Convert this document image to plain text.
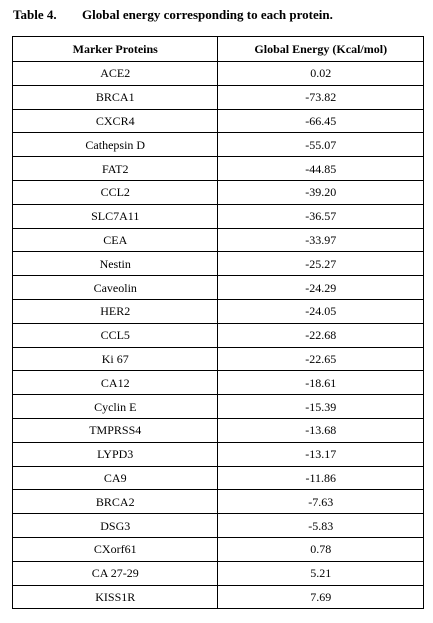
Table 4. Global energy corresponding to each protein.
Marker Proteins	Global Energy (Kcal/mol)
ACE2	0.02
BRCA1	-73.82
CXCR4	-66.45
Cathepsin D	-55.07
FAT2	-44.85
CCL2	-39.20
SLC7A11	-36.57
CEA	-33.97
Nestin	-25.27
Caveolin	-24.29
HER2	-24.05
CCL5	-22.68
Ki 67	-22.65
CA12	-18.61
Cyclin E	-15.39
TMPRSS4	-13.68
LYPD3	-13.17
CA9	-11.86
BRCA2	-7.63
DSG3	-5.83
CXorf61	0.78
CA 27-29	5.21
KISS1R	7.69
